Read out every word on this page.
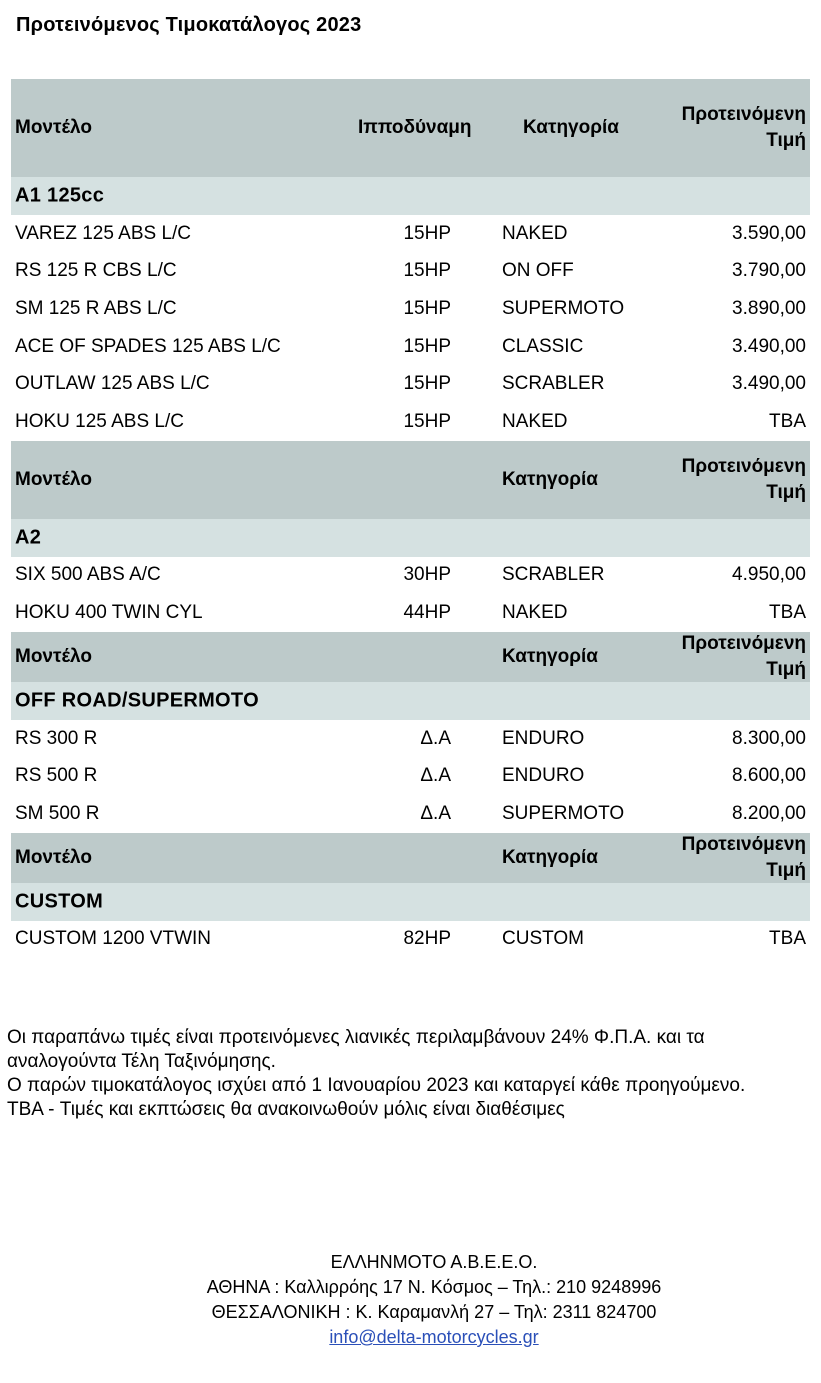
Προτεινόμενος Τιμοκατάλογος 2023
Μοντέλο	Ιπποδύναμη	Κατηγορία
Προτεινόμενη
Τιμή
A1 125cc
VAREZ 125 ABS L/C	15HP	NAKED	3.590,00
RS 125 R CBS L/C	15HP	ON OFF	3.790,00
SM 125 R ABS L/C	15HP	SUPERMOTO	3.890,00
ACE OF SPADES 125 ABS L/C	15HP	CLASSIC	3.490,00
OUTLAW 125 ABS L/C	15HP	SCRABLER	3.490,00
HOKU 125 ABS L/C	15HP	NAKED	TBA
Μοντέλο	Κατηγορία
Προτεινόμενη
Τιμή
A2
SIX 500 ABS A/C	30HP	SCRABLER	4.950,00
HOKU 400 TWIN CYL	44HP	NAKED	TBA
Μοντέλο	Κατηγορία
Προτεινόμενη
Τιμή
OFF ROAD/SUPERMOTO
RS 300 R	Δ.Α	ENDURO	8.300,00
RS 500 R	Δ.Α	ENDURO	8.600,00
SM 500 R	Δ.Α	SUPERMOTO	8.200,00
Μοντέλο	Κατηγορία
Προτεινόμενη
Τιμή
CUSTOM
CUSTOM 1200 VTWIN	82HP	CUSTOM	TBA
Οι παραπάνω τιμές είναι προτεινόμενες λιανικές περιλαμβάνουν 24% Φ.Π.Α. και τα
αναλογούντα Τέλη Ταξινόμησης.
Ο παρών τιμοκατάλογος ισχύει από 1 Ιανουαρίου 2023 και καταργεί κάθε προηγούμενο.
TBA - Τιμές και εκπτώσεις θα ανακοινωθούν μόλις είναι διαθέσιμες
ΕΛΛΗΝΜΟΤΟ Α.Β.Ε.Ε.Ο.
ΑΘΗΝΑ : Καλλιρρόης 17 Ν. Κόσμος – Τηλ.: 210 9248996
ΘΕΣΣΑΛΟΝΙΚΗ : Κ. Καραμανλή 27 – Τηλ: 2311 824700
info@delta-motorcycles.gr
